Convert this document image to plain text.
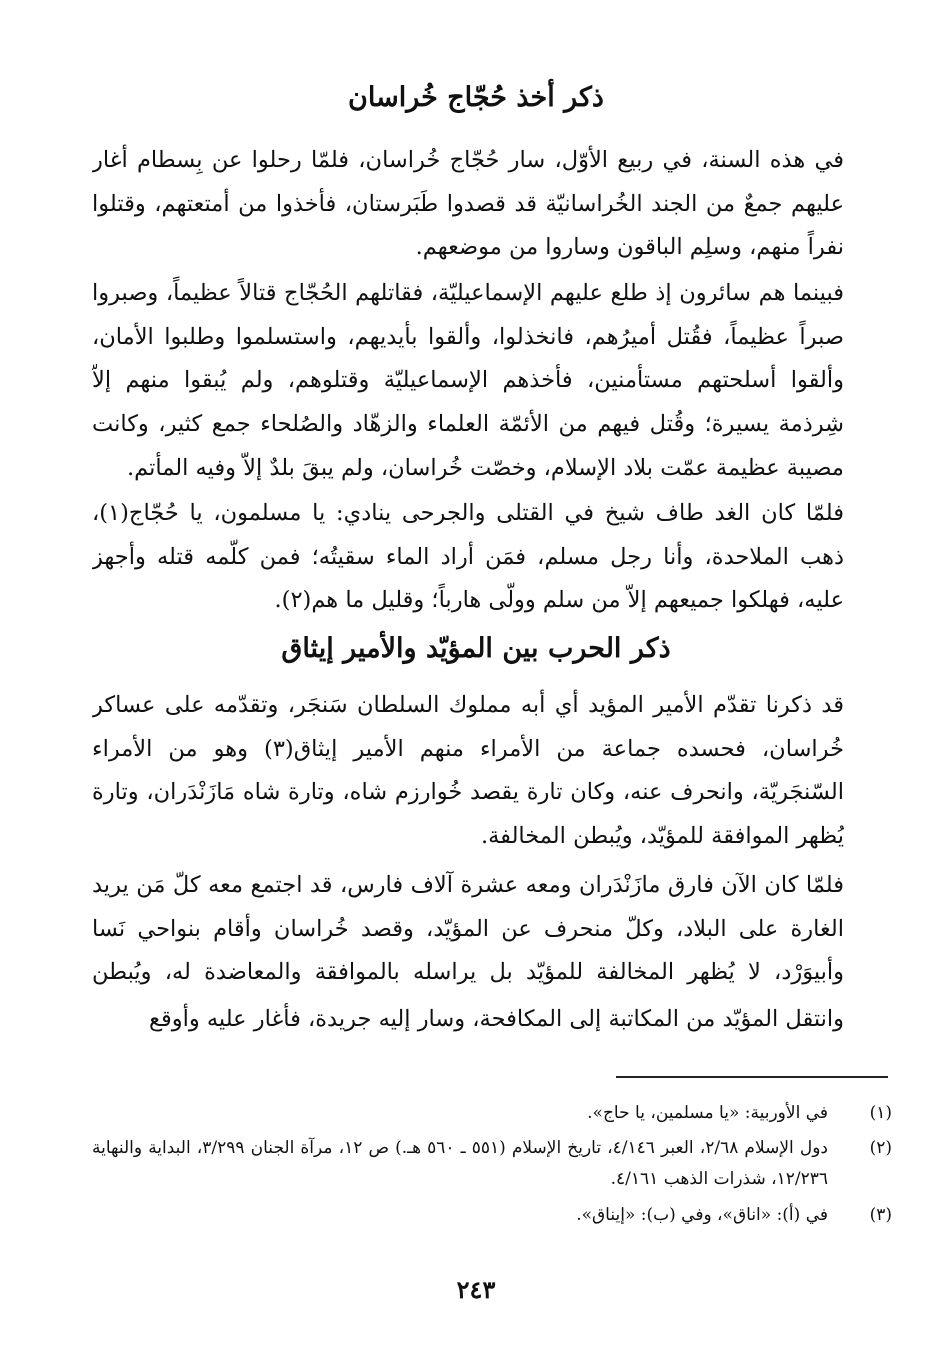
ذكر أخذ حُجّاج خُراسان

في هذه السنة، في ربيع الأوّل، سار حُجّاج خُراسان، فلمّا رحلوا عن بِسطام أغار عليهم جمعٌ من الجند الخُراسانيّة قد قصدوا طَبَرستان، فأخذوا من أمتعتهم، وقتلوا نفراً منهم، وسلِم الباقون وساروا من موضعهم.

فبينما هم سائرون إذ طلع عليهم الإسماعيليّة، فقاتلهم الحُجّاج قتالاً عظيماً، وصبروا صبراً عظيماً، فقُتل أميرُهم، فانخذلوا، وألقوا بأيديهم، واستسلموا وطلبوا الأمان، وألقوا أسلحتهم مستأمنين، فأخذهم الإسماعيليّة وقتلوهم، ولم يُبقوا منهم إلاّ شِرذمة يسيرة؛ وقُتل فيهم من الأئمّة العلماء والزهّاد والصُلحاء جمع كثير، وكانت مصيبة عظيمة عمّت بلاد الإسلام، وخصّت خُراسان، ولم يبقَ بلدٌ إلاّ وفيه المأتم.

فلمّا كان الغد طاف شيخ في القتلى والجرحى ينادي: يا مسلمون، يا حُجّاج(١)، ذهب الملاحدة، وأنا رجل مسلم، فمَن أراد الماء سقيتُه؛ فمن كلّمه قتله وأجهز عليه، فهلكوا جميعهم إلاّ من سلم وولّى هارباً؛ وقليل ما هم(٢).

ذكر الحرب بين المؤيّد والأمير إيثاق

قد ذكرنا تقدّم الأمير المؤيد أي أبه مملوك السلطان سَنجَر، وتقدّمه على عساكر خُراسان، فحسده جماعة من الأمراء منهم الأمير إيثاق(٣) وهو من الأمراء السّنجَريّة، وانحرف عنه، وكان تارة يقصد خُوارزم شاه، وتارة شاه مَازَنْدَران، وتارة يُظهر الموافقة للمؤيّد، ويُبطن المخالفة.

فلمّا كان الآن فارق مازَنْدَران ومعه عشرة آلاف فارس، قد اجتمع معه كلّ مَن يريد الغارة على البلاد، وكلّ منحرف عن المؤيّد، وقصد خُراسان وأقام بنواحي نَسا وأبيوَرْد، لا يُظهر المخالفة للمؤيّد بل يراسله بالموافقة والمعاضدة له، ويُبطن

وانتقل المؤيّد من المكاتبة إلى المكافحة، وسار إليه جريدة، فأغار عليه وأوقع

(١)
في الأوربية: «يا مسلمين، يا حاج».
(٢)
دول الإسلام ٢/٦٨، العبر ٤/١٤٦، تاريخ الإسلام (٥٥١ ـ ٥٦٠ هـ.) ص ١٢، مرآة الجنان ٣/٢٩٩، البداية والنهاية ١٢/٢٣٦، شذرات الذهب ٤/١٦١.
(٣)
في (أ): «اناق»، وفي (ب): «إيناق».
٢٤٣
